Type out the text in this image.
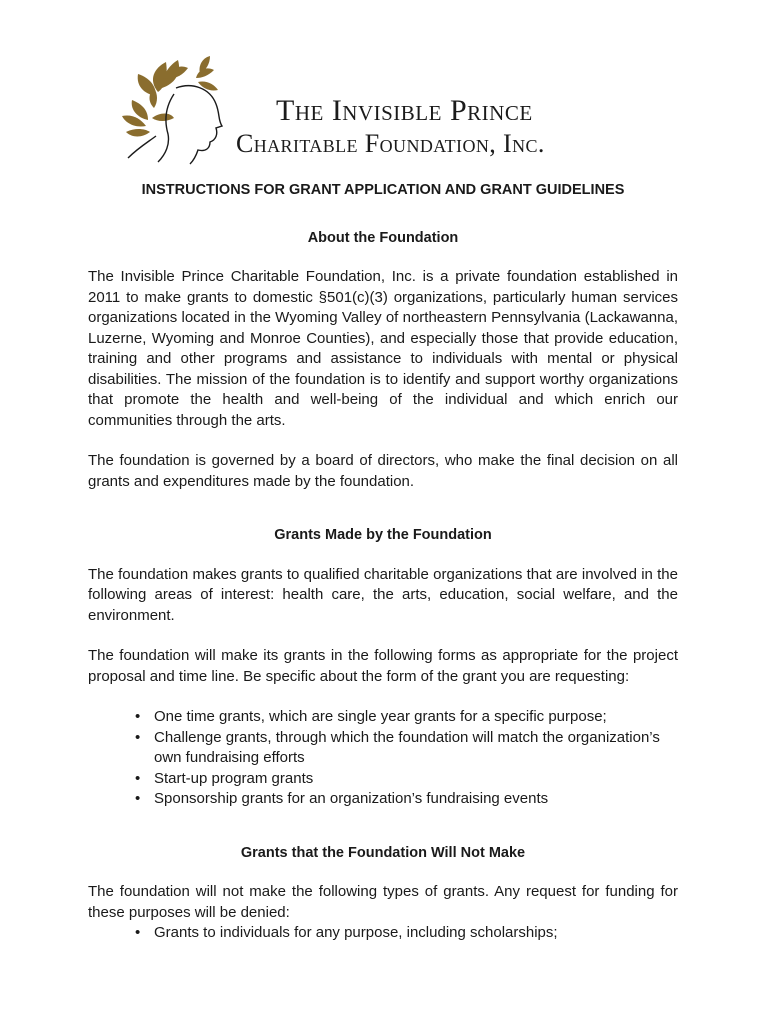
The Invisible Prince
Charitable Foundation, Inc.
INSTRUCTIONS FOR GRANT APPLICATION AND GRANT GUIDELINES
About the Foundation

The Invisible Prince Charitable Foundation, Inc. is a private foundation established in 2011 to make grants to domestic §501(c)(3) organizations, particularly human services organizations located in the Wyoming Valley of northeastern Pennsylvania (Lackawanna, Luzerne, Wyoming and Monroe Counties), and especially those that provide education, training and other programs and assistance to individuals with mental or physical disabilities. The mission of the foundation is to identify and support worthy organizations that promote the health and well-being of the individual and which enrich our communities through the arts.

The foundation is governed by a board of directors, who make the final decision on all grants and expenditures made by the foundation.

Grants Made by the Foundation

The foundation makes grants to qualified charitable organizations that are involved in the following areas of interest: health care, the arts, education, social welfare, and the environment.

The foundation will make its grants in the following forms as appropriate for the project proposal and time line. Be specific about the form of the grant you are requesting:

• One time grants, which are single year grants for a specific purpose;
• Challenge grants, through which the foundation will match the organization’s own fundraising efforts
• Start-up program grants
• Sponsorship grants for an organization’s fundraising events
Grants that the Foundation Will Not Make

The foundation will not make the following types of grants. Any request for funding for these purposes will be denied:

• Grants to individuals for any purpose, including scholarships;
